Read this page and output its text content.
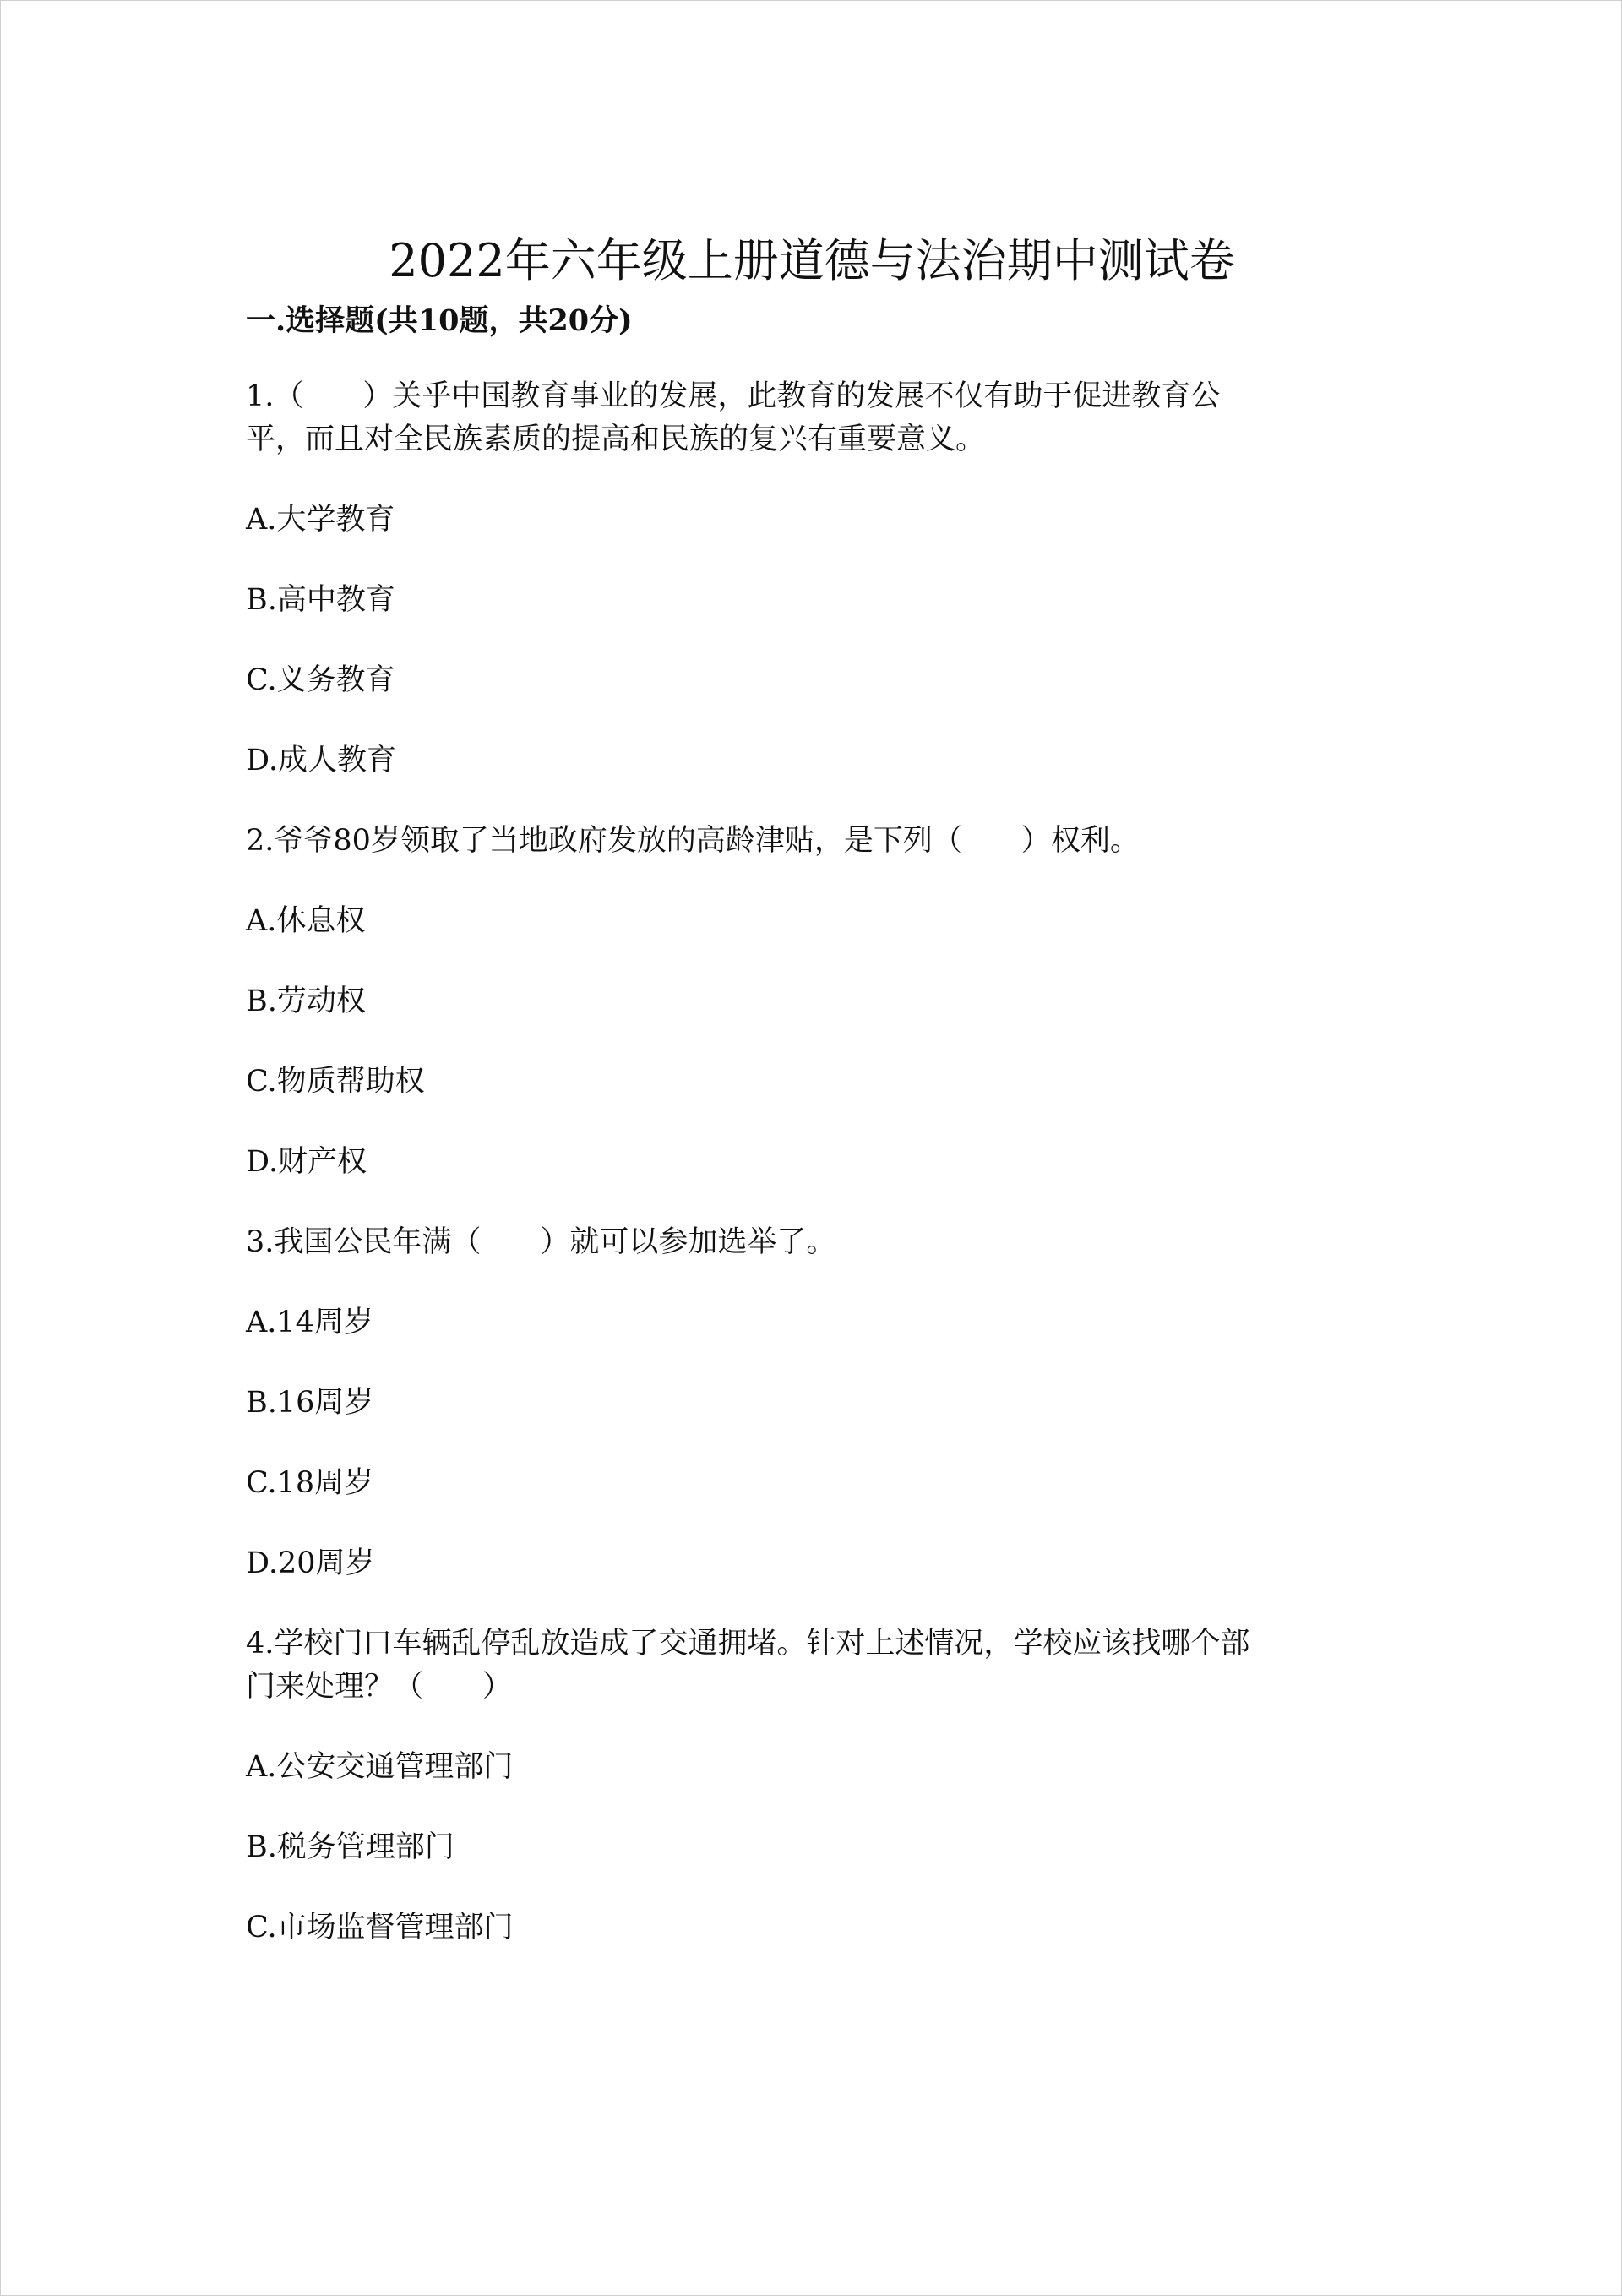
2022年六年级上册道德与法治期中测试卷
一.选择题(共10题，共20分)
1.（　　）关乎中国教育事业的发展，此教育的发展不仅有助于促进教育公
平，而且对全民族素质的提高和民族的复兴有重要意义。
A.大学教育
B.高中教育
C.义务教育
D.成人教育
2.爷爷80岁领取了当地政府发放的高龄津贴，是下列（　　）权利。
A.休息权
B.劳动权
C.物质帮助权
D.财产权
3.我国公民年满（　　）就可以参加选举了。
A.14周岁
B.16周岁
C.18周岁
D.20周岁
4.学校门口车辆乱停乱放造成了交通拥堵。针对上述情况，学校应该找哪个部
门来处理？（　　）
A.公安交通管理部门
B.税务管理部门
C.市场监督管理部门
